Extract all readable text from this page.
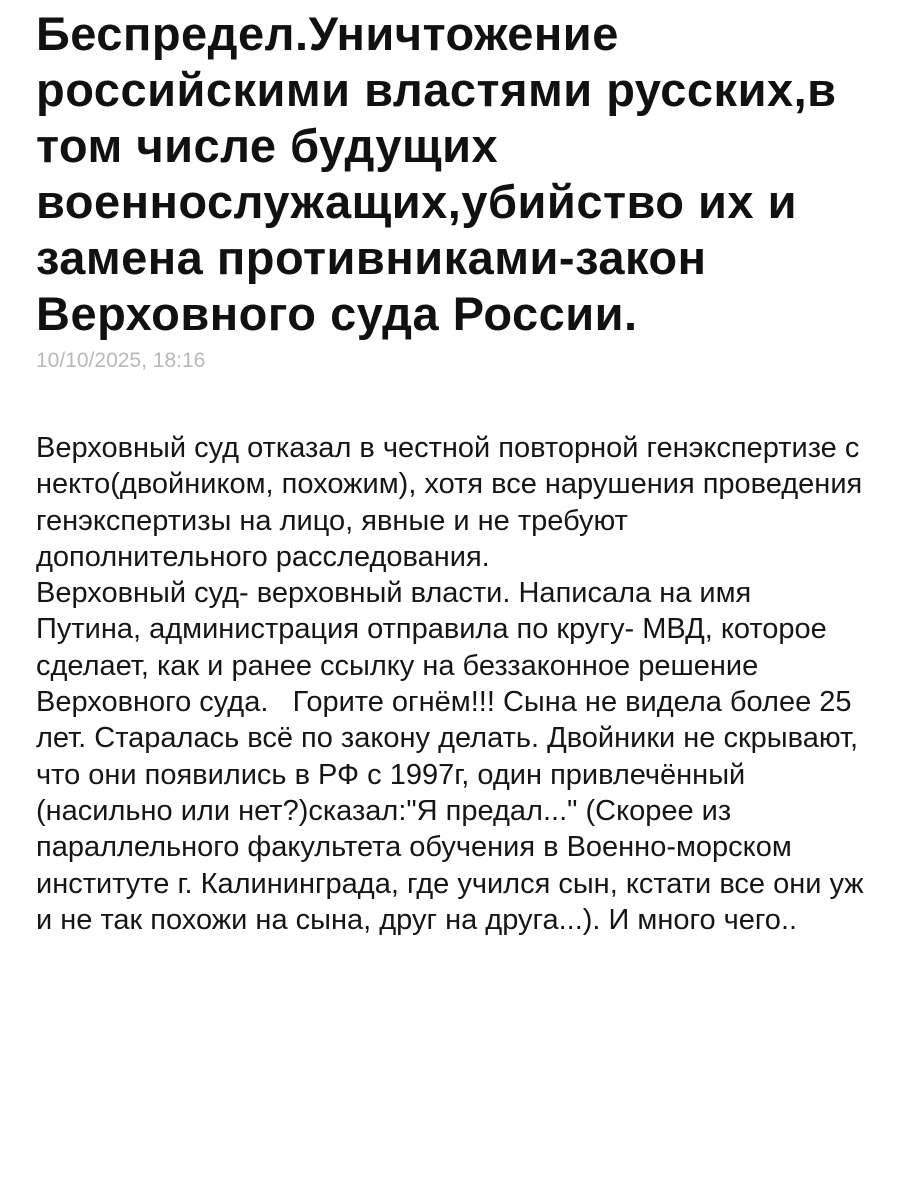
Беспредел.Уничтожение российскими властями русских,в том числе будущих военнослужащих,убийство их и замена противниками-закон Верховного суда России.
10/10/2025, 18:16
Верховный суд отказал в честной повторной генэкспертизе с некто(двойником, похожим), хотя все нарушения проведения генэкспертизы на лицо, явные и не требуют дополнительного расследования.
Верховный суд- верховный власти. Написала на имя Путина, администрация отправила по кругу- МВД, которое сделает, как и ранее ссылку на беззаконное решение Верховного суда.   Горите огнём!!! Сына не видела более 25 лет. Старалась всё по закону делать. Двойники не скрывают, что они появились в РФ с 1997г, один привлечённый (насильно или нет?)сказал:"Я предал..." (Скорее из параллельного факультета обучения в Военно-морском институте г. Калининграда, где учился сын, кстати все они уж и не так похожи на сына, друг на друга...). И много чего..
